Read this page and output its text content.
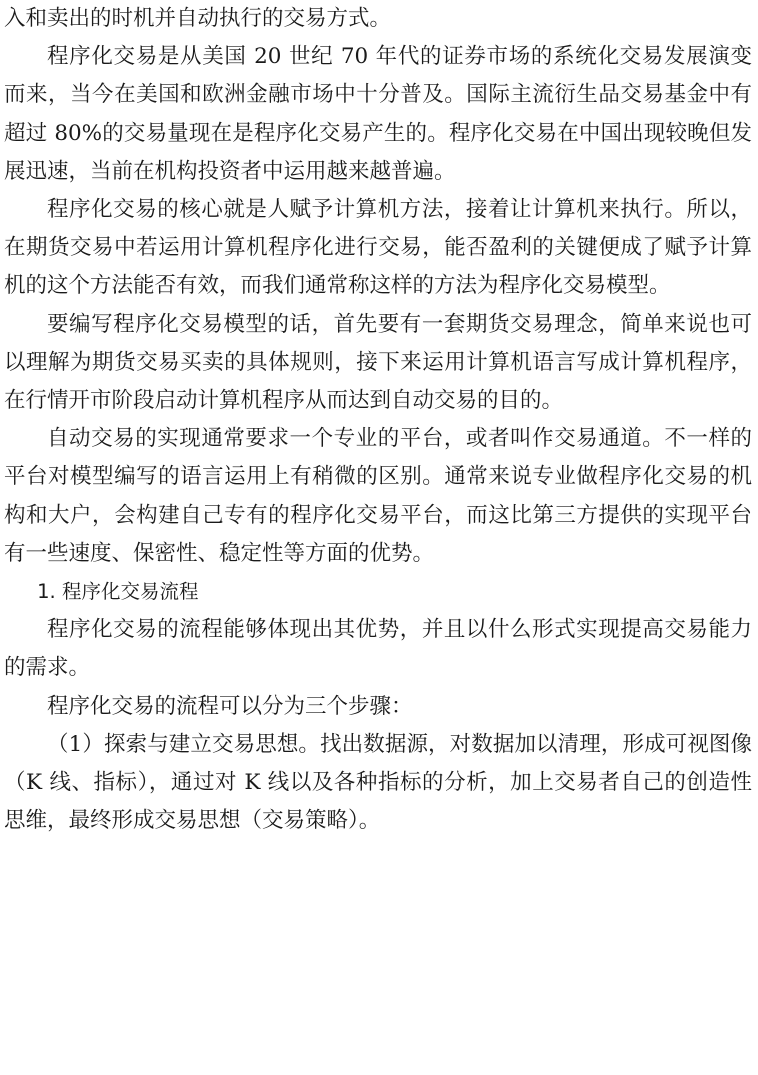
入和卖出的时机并自动执行的交易方式。

程序化交易是从美国 20 世纪 70 年代的证券市场的系统化交易发展演变而来，当今在美国和欧洲金融市场中十分普及。国际主流衍生品交易基金中有超过 80%的交易量现在是程序化交易产生的。程序化交易在中国出现较晚但发展迅速，当前在机构投资者中运用越来越普遍。

程序化交易的核心就是人赋予计算机方法，接着让计算机来执行。所以，在期货交易中若运用计算机程序化进行交易，能否盈利的关键便成了赋予计算机的这个方法能否有效，而我们通常称这样的方法为程序化交易模型。

要编写程序化交易模型的话，首先要有一套期货交易理念，简单来说也可以理解为期货交易买卖的具体规则，接下来运用计算机语言写成计算机程序，在行情开市阶段启动计算机程序从而达到自动交易的目的。

自动交易的实现通常要求一个专业的平台，或者叫作交易通道。不一样的平台对模型编写的语言运用上有稍微的区别。通常来说专业做程序化交易的机构和大户，会构建自己专有的程序化交易平台，而这比第三方提供的实现平台有一些速度、保密性、稳定性等方面的优势。

1. 程序化交易流程

程序化交易的流程能够体现出其优势，并且以什么形式实现提高交易能力的需求。

程序化交易的流程可以分为三个步骤：

（1）探索与建立交易思想。找出数据源，对数据加以清理，形成可视图像（K 线、指标），通过对 K 线以及各种指标的分析，加上交易者自己的创造性思维，最终形成交易思想（交易策略）。
